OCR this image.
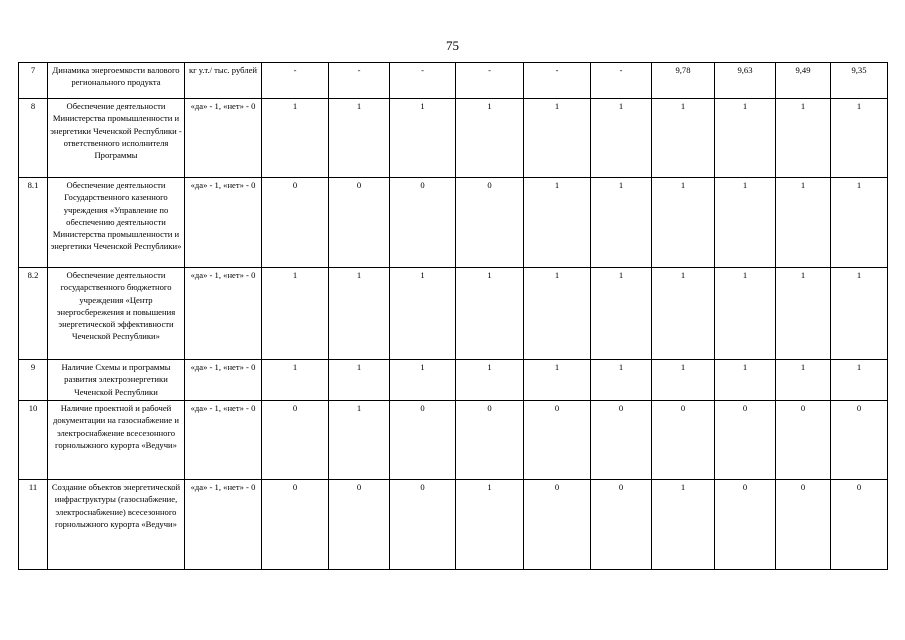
75
7	Динамика энергоемкости валового регионального продукта	кг у.т./ тыс. рублей	-	-	-	-	-	-	9,78	9,63	9,49	9,35
8	Обеспечение деятельности Министерства промышленности и энергетики Чеченской Республики - ответственного исполнителя Программы	«да» - 1, «нет» - 0	1	1	1	1	1	1	1	1	1	1
8.1	Обеспечение деятельности Государственного казенного учреждения «Управление по обеспечению деятельности Министерства промышленности и энергетики Чеченской Республики»	«да» - 1, «нет» - 0	0	0	0	0	1	1	1	1	1	1
8.2	Обеспечение деятельности государственного бюджетного учреждения «Центр энергосбережения и повышения энергетической эффективности Чеченской Республики»	«да» - 1, «нет» - 0	1	1	1	1	1	1	1	1	1	1
9	Наличие Схемы и программы развития электроэнергетики Чеченской Республики	«да» - 1, «нет» - 0	1	1	1	1	1	1	1	1	1	1
10	Наличие проектной и рабочей документации на газоснабжение и электроснабжение всесезонного горнолыжного курорта «Ведучи»	«да» - 1, «нет» - 0	0	1	0	0	0	0	0	0	0	0
11	Создание объектов энергетической инфраструктуры (газоснабжение, электроснабжение) всесезонного горнолыжного курорта «Ведучи»	«да» - 1, «нет» - 0	0	0	0	1	0	0	1	0	0	0
